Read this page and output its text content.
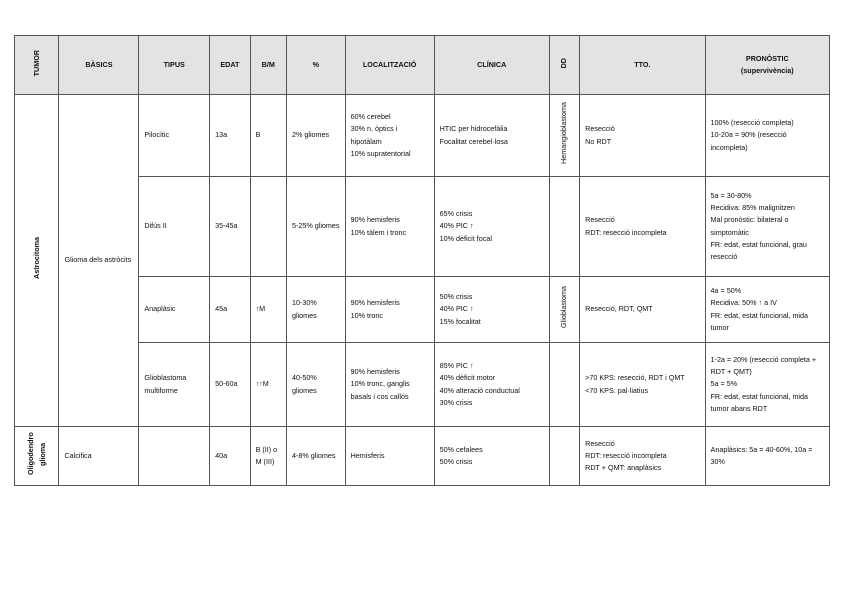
TUMOR	BÀSICS	TIPUS	EDAT	B/M	%	LOCALITZACIÓ	CLÍNICA	DD	TTO.	PRONÒSTIC
(supervivència)

Astrocitoma	Glioma dels astròcits	Pilocític	13a	B	2% gliomes	60% cerebel
30% n. òptics i hipotàlam
10% supratentorial	HTIC per hidrocefàlia
Focalitat cerebel·losa	Hemangioblastoma	Resecció
No RDT	100% (resecció completa)
10-20a = 90% (resecció incompleta)

		Difús II	35-45a		5-25% gliomes	90% hemisferis
10% tàlem i tronc	65% crisis
40% PIC ↑
10% dèficit focal		Resecció
RDT: resecció incompleta	5a = 30-80%
Recidiva: 85% malignitzen
Mal pronòstic: bilateral o simptomàtic
FR: edat, estat funcional, grau resecció

		Anaplàsic	45a	↑M	10-30% gliomes	90% hemisferis
10% tronc	50% crisis
40% PIC ↑
15% focalitat	Glioblastoma	Resecció, RDT, QMT	4a = 50%
Recidiva: 50% ↑ a IV
FR: edat, estat funcional, mida tumor

		Glioblastoma multiforme	50-60a	↑↑M	40-50% gliomes	90% hemisferis
10% tronc, ganglis basals i cos callós	85% PIC ↑
40% dèficit motor
40% alteració conductual
30% crisis		>70 KPS: resecció, RDT i QMT
<70 KPS: pal·liatius	1-2a = 20% (resecció completa + RDT + QMT)
5a = 5%
FR: edat, estat funcional, mida tumor abans RDT

Oligodendro glioma	Calcifica		40a	B (II) o M (III)	4-8% gliomes	Hemisferis	50% cefalees
50% crisis		Resecció
RDT: resecció incompleta
RDT + QMT: anaplàsics	Anaplàsics: 5a = 40-60%, 10a = 30%
